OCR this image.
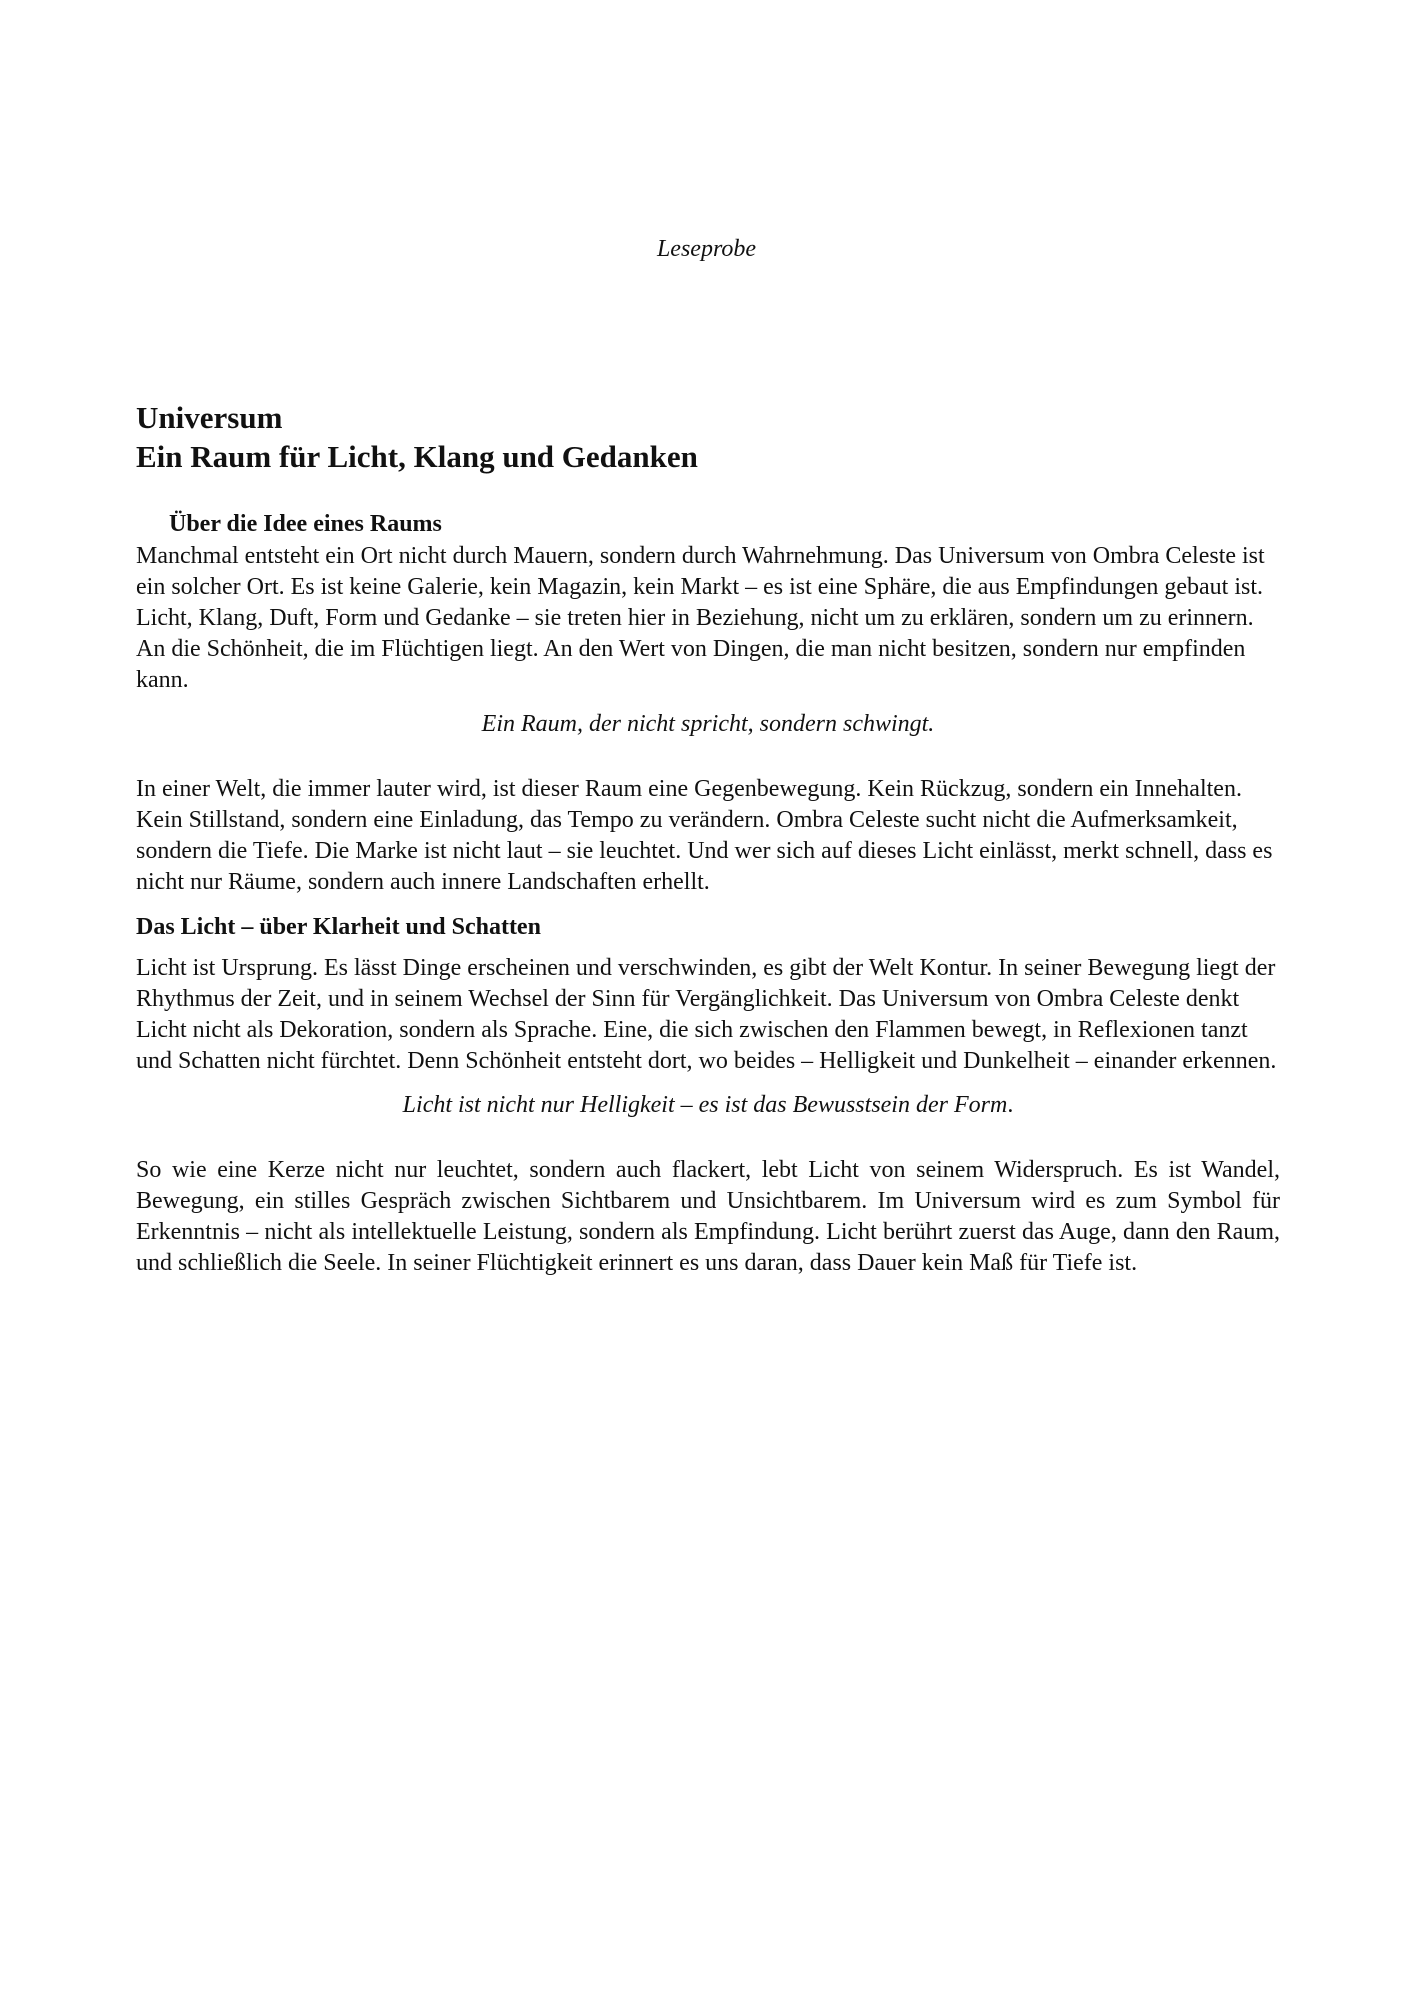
Leseprobe
Universum
Ein Raum für Licht, Klang und Gedanken
Über die Idee eines Raums

Manchmal entsteht ein Ort nicht durch Mauern, sondern durch Wahrnehmung. Das Universum von Ombra Celeste ist ein solcher Ort. Es ist keine Galerie, kein Magazin, kein Markt – es ist eine Sphäre, die aus Empfindungen gebaut ist. Licht, Klang, Duft, Form und Gedanke – sie treten hier in Beziehung, nicht um zu erklären, sondern um zu erinnern. An die Schönheit, die im Flüchtigen liegt. An den Wert von Dingen, die man nicht besitzen, sondern nur empfinden kann.

Ein Raum, der nicht spricht, sondern schwingt.

In einer Welt, die immer lauter wird, ist dieser Raum eine Gegenbewegung. Kein Rückzug, sondern ein Innehalten. Kein Stillstand, sondern eine Einladung, das Tempo zu verändern. Ombra Celeste sucht nicht die Aufmerksamkeit, sondern die Tiefe. Die Marke ist nicht laut – sie leuchtet. Und wer sich auf dieses Licht einlässt, merkt schnell, dass es nicht nur Räume, sondern auch innere Landschaften erhellt.

Das Licht – über Klarheit und Schatten

Licht ist Ursprung. Es lässt Dinge erscheinen und verschwinden, es gibt der Welt Kontur. In seiner Bewegung liegt der Rhythmus der Zeit, und in seinem Wechsel der Sinn für Vergänglichkeit. Das Universum von Ombra Celeste denkt Licht nicht als Dekoration, sondern als Sprache. Eine, die sich zwischen den Flammen bewegt, in Reflexionen tanzt und Schatten nicht fürchtet. Denn Schönheit entsteht dort, wo beides – Helligkeit und Dunkelheit – einander erkennen.

Licht ist nicht nur Helligkeit – es ist das Bewusstsein der Form.

So wie eine Kerze nicht nur leuchtet, sondern auch flackert, lebt Licht von seinem Widerspruch. Es ist Wandel, Bewegung, ein stilles Gespräch zwischen Sichtbarem und Unsichtbarem. Im Universum wird es zum Symbol für Erkenntnis – nicht als intellektuelle Leistung, sondern als Empfindung. Licht berührt zuerst das Auge, dann den Raum, und schließlich die Seele. In seiner Flüchtigkeit erinnert es uns daran, dass Dauer kein Maß für Tiefe ist.
